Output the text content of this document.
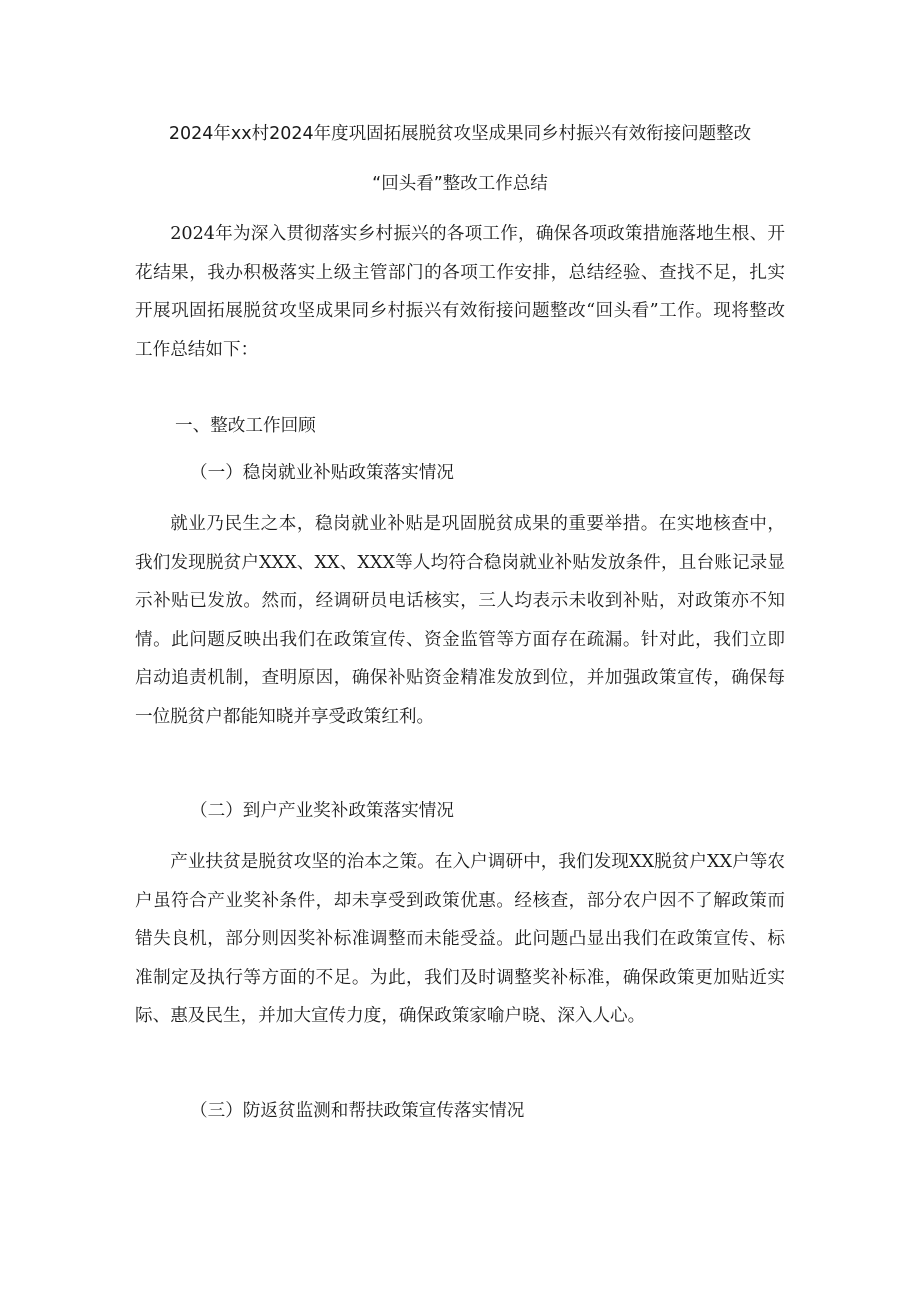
2024年xx村2024年度巩固拓展脱贫攻坚成果同乡村振兴有效衔接问题整改
“回头看”整改工作总结

2024年为深入贯彻落实乡村振兴的各项工作，确保各项政策措施落地生根、开花结果，我办积极落实上级主管部门的各项工作安排，总结经验、查找不足，扎实开展巩固拓展脱贫攻坚成果同乡村振兴有效衔接问题整改“回头看”工作。现将整改工作总结如下：

一、整改工作回顾

（一）稳岗就业补贴政策落实情况

就业乃民生之本，稳岗就业补贴是巩固脱贫成果的重要举措。在实地核查中，我们发现脱贫户XXX、XX、XXX等人均符合稳岗就业补贴发放条件，且台账记录显示补贴已发放。然而，经调研员电话核实，三人均表示未收到补贴，对政策亦不知情。此问题反映出我们在政策宣传、资金监管等方面存在疏漏。针对此，我们立即启动追责机制，查明原因，确保补贴资金精准发放到位，并加强政策宣传，确保每一位脱贫户都能知晓并享受政策红利。

（二）到户产业奖补政策落实情况

产业扶贫是脱贫攻坚的治本之策。在入户调研中，我们发现XX脱贫户XX户等农户虽符合产业奖补条件，却未享受到政策优惠。经核查，部分农户因不了解政策而错失良机，部分则因奖补标准调整而未能受益。此问题凸显出我们在政策宣传、标准制定及执行等方面的不足。为此，我们及时调整奖补标准，确保政策更加贴近实际、惠及民生，并加大宣传力度，确保政策家喻户晓、深入人心。

（三）防返贫监测和帮扶政策宣传落实情况
